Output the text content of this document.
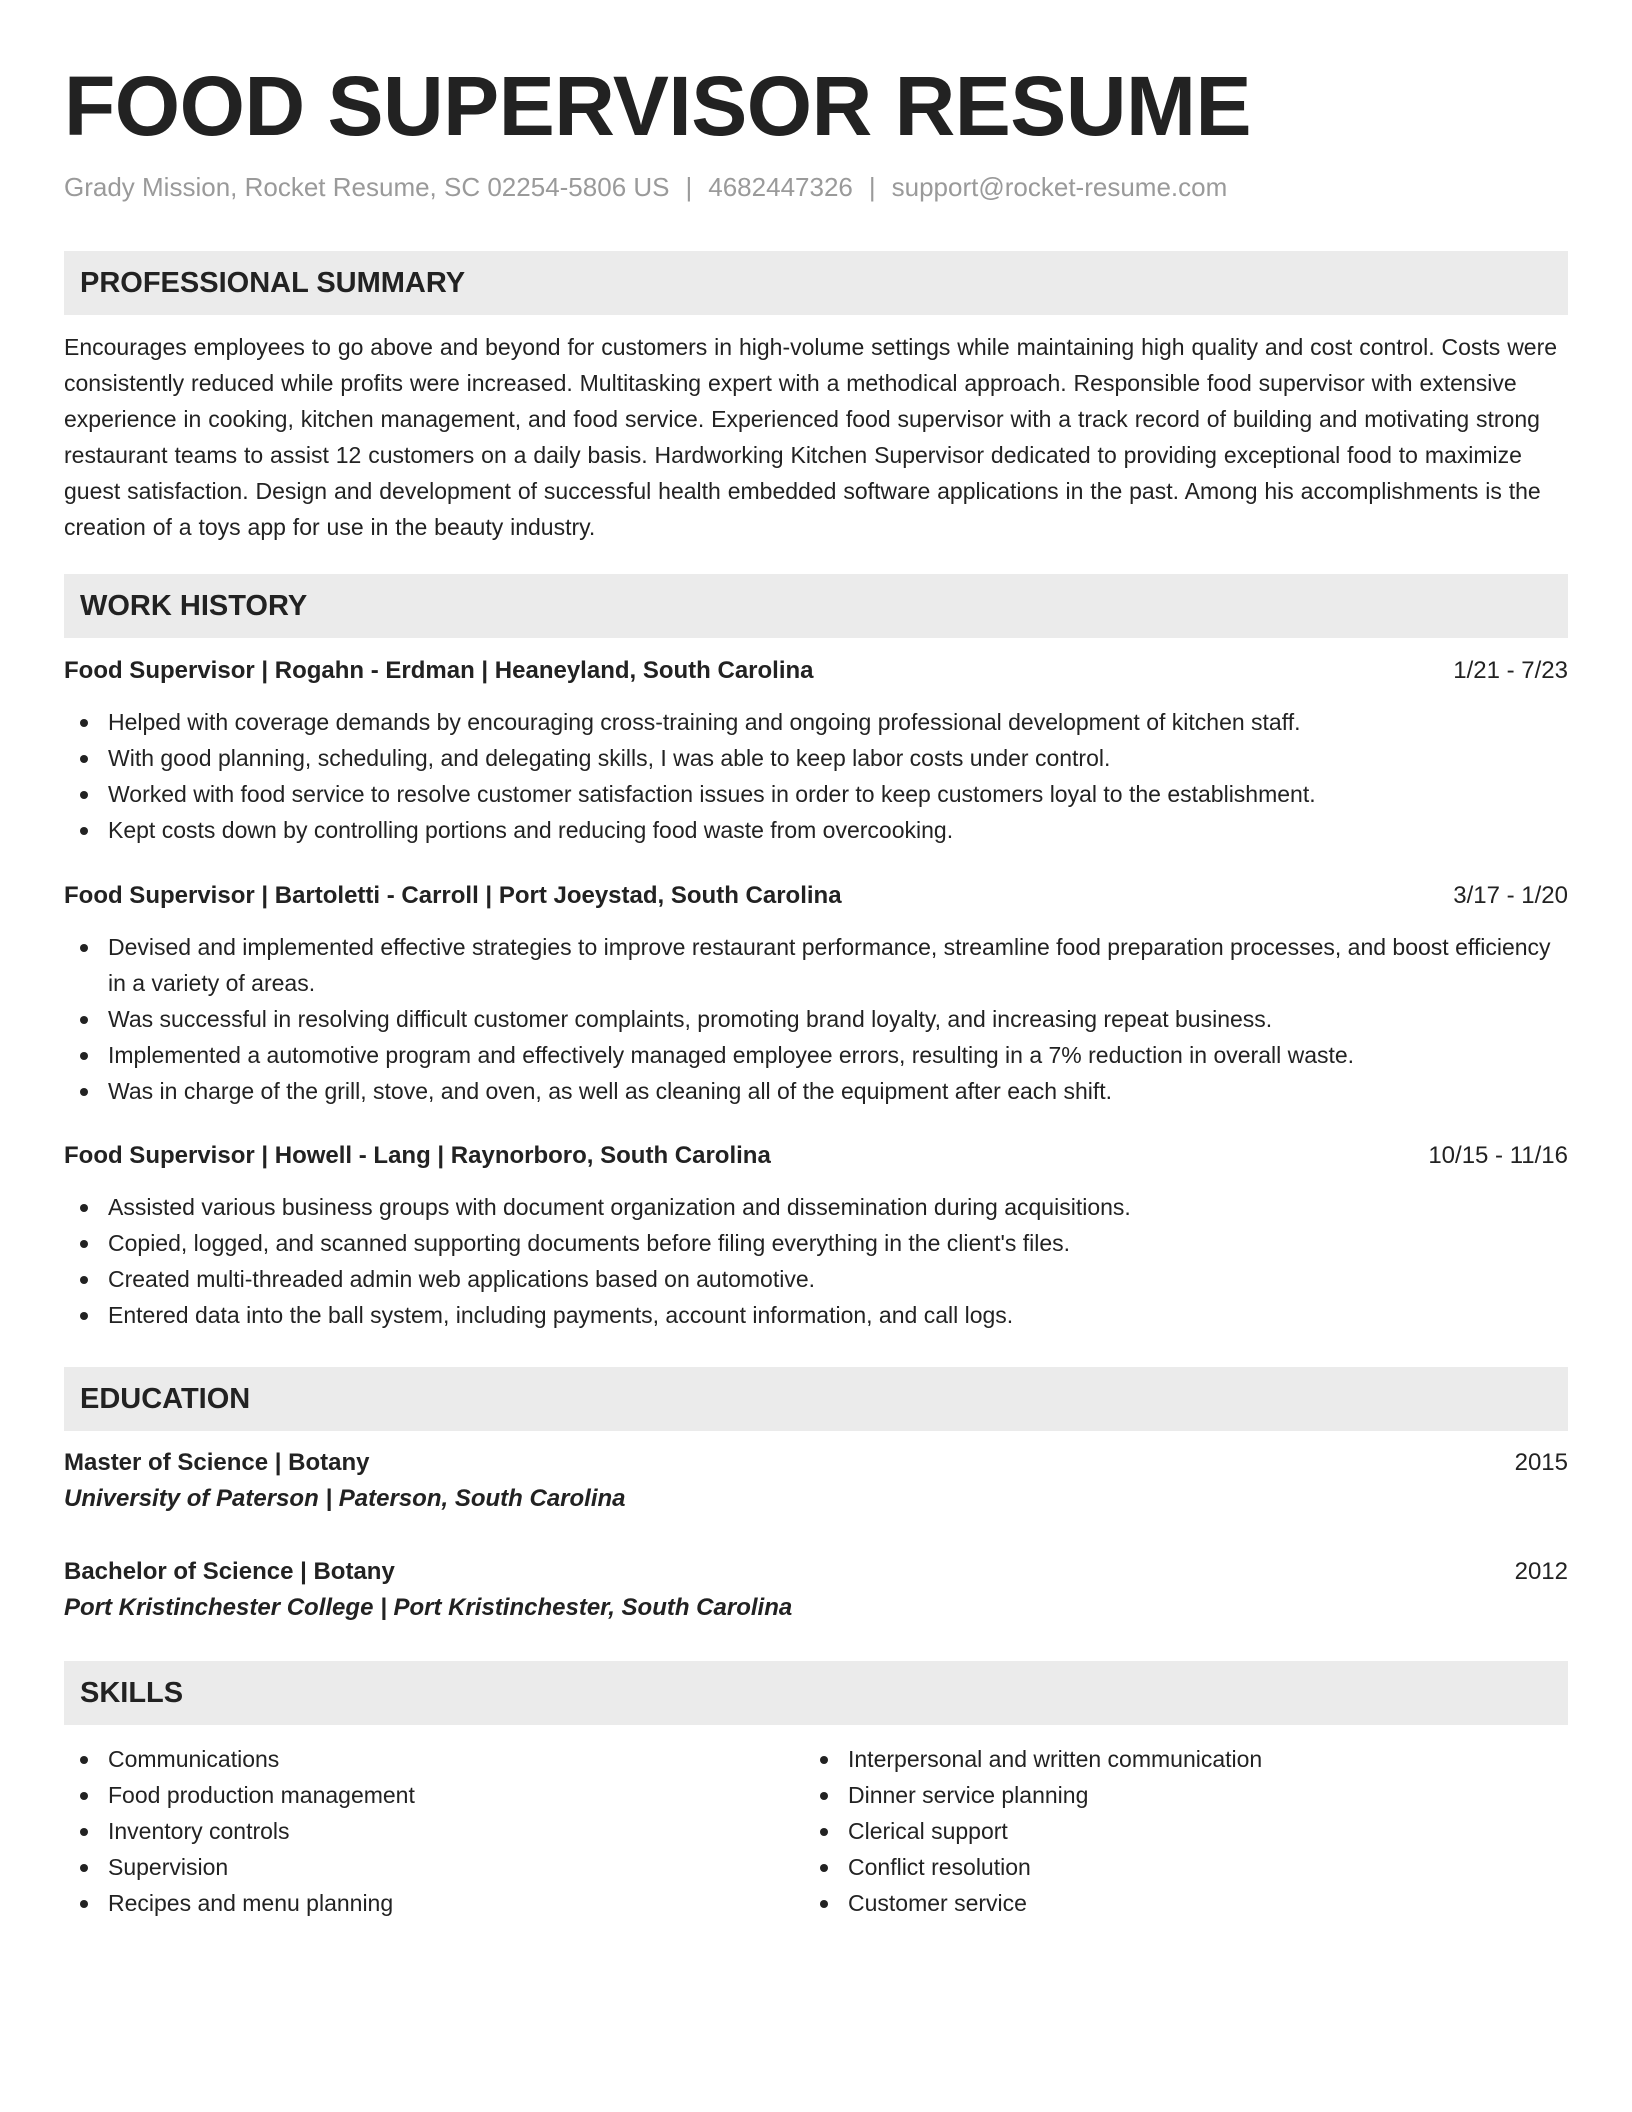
FOOD SUPERVISOR RESUME
Grady Mission, Rocket Resume, SC 02254-5806 US | 4682447326 | support@rocket-resume.com
PROFESSIONAL SUMMARY

Encourages employees to go above and beyond for customers in high-volume settings while maintaining high quality and cost control. Costs were consistently reduced while profits were increased. Multitasking expert with a methodical approach. Responsible food supervisor with extensive experience in cooking, kitchen management, and food service. Experienced food supervisor with a track record of building and motivating strong restaurant teams to assist 12 customers on a daily basis. Hardworking Kitchen Supervisor dedicated to providing exceptional food to maximize guest satisfaction. Design and development of successful health embedded software applications in the past. Among his accomplishments is the creation of a toys app for use in the beauty industry.

WORK HISTORY
Food Supervisor | Rogahn - Erdman | Heaneyland, South Carolina	1/21 - 7/23
Helped with coverage demands by encouraging cross-training and ongoing professional development of kitchen staff.
With good planning, scheduling, and delegating skills, I was able to keep labor costs under control.
Worked with food service to resolve customer satisfaction issues in order to keep customers loyal to the establishment.
Kept costs down by controlling portions and reducing food waste from overcooking.
Food Supervisor | Bartoletti - Carroll | Port Joeystad, South Carolina	3/17 - 1/20
Devised and implemented effective strategies to improve restaurant performance, streamline food preparation processes, and boost efficiency in a variety of areas.
Was successful in resolving difficult customer complaints, promoting brand loyalty, and increasing repeat business.
Implemented a automotive program and effectively managed employee errors, resulting in a 7% reduction in overall waste.
Was in charge of the grill, stove, and oven, as well as cleaning all of the equipment after each shift.
Food Supervisor | Howell - Lang | Raynorboro, South Carolina	10/15 - 11/16
Assisted various business groups with document organization and dissemination during acquisitions.
Copied, logged, and scanned supporting documents before filing everything in the client's files.
Created multi-threaded admin web applications based on automotive.
Entered data into the ball system, including payments, account information, and call logs.
EDUCATION
Master of Science | Botany	2015
University of Paterson | Paterson, South Carolina
Bachelor of Science | Botany	2012
Port Kristinchester College | Port Kristinchester, South Carolina
SKILLS
Communications
Food production management
Inventory controls
Supervision
Recipes and menu planning
Interpersonal and written communication
Dinner service planning
Clerical support
Conflict resolution
Customer service
